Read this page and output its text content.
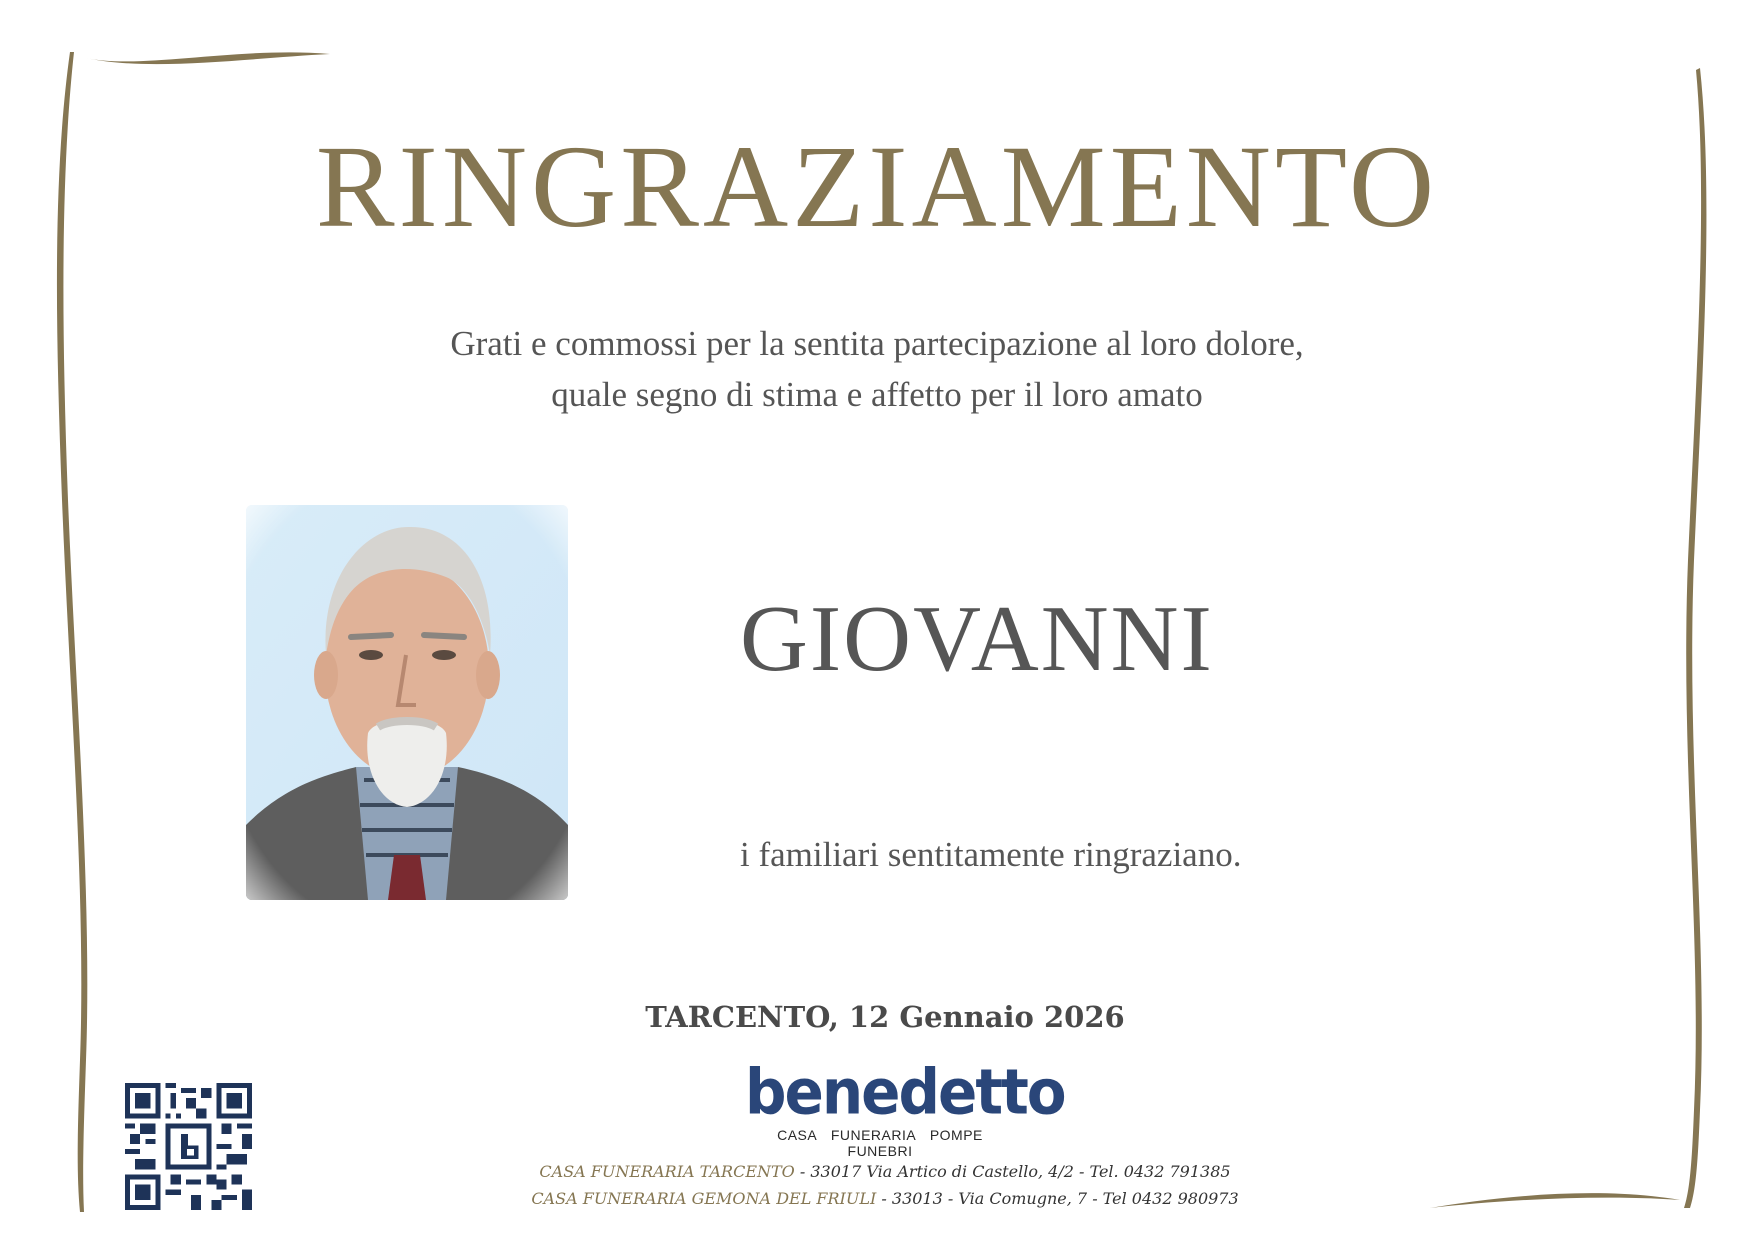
RINGRAZIAMENTO
Grati e commossi per la sentita partecipazione al loro dolore,
quale segno di stima e affetto per il loro amato
GIOVANNI
i familiari sentitamente ringraziano.
TARCENTO, 12 Gennaio 2026
benedetto
CASA FUNERARIA POMPE FUNEBRI
CASA FUNERARIA TARCENTO - 33017 Via Artico di Castello, 4/2 - Tel. 0432 791385
CASA FUNERARIA GEMONA DEL FRIULI - 33013 - Via Comugne, 7 - Tel 0432 980973
